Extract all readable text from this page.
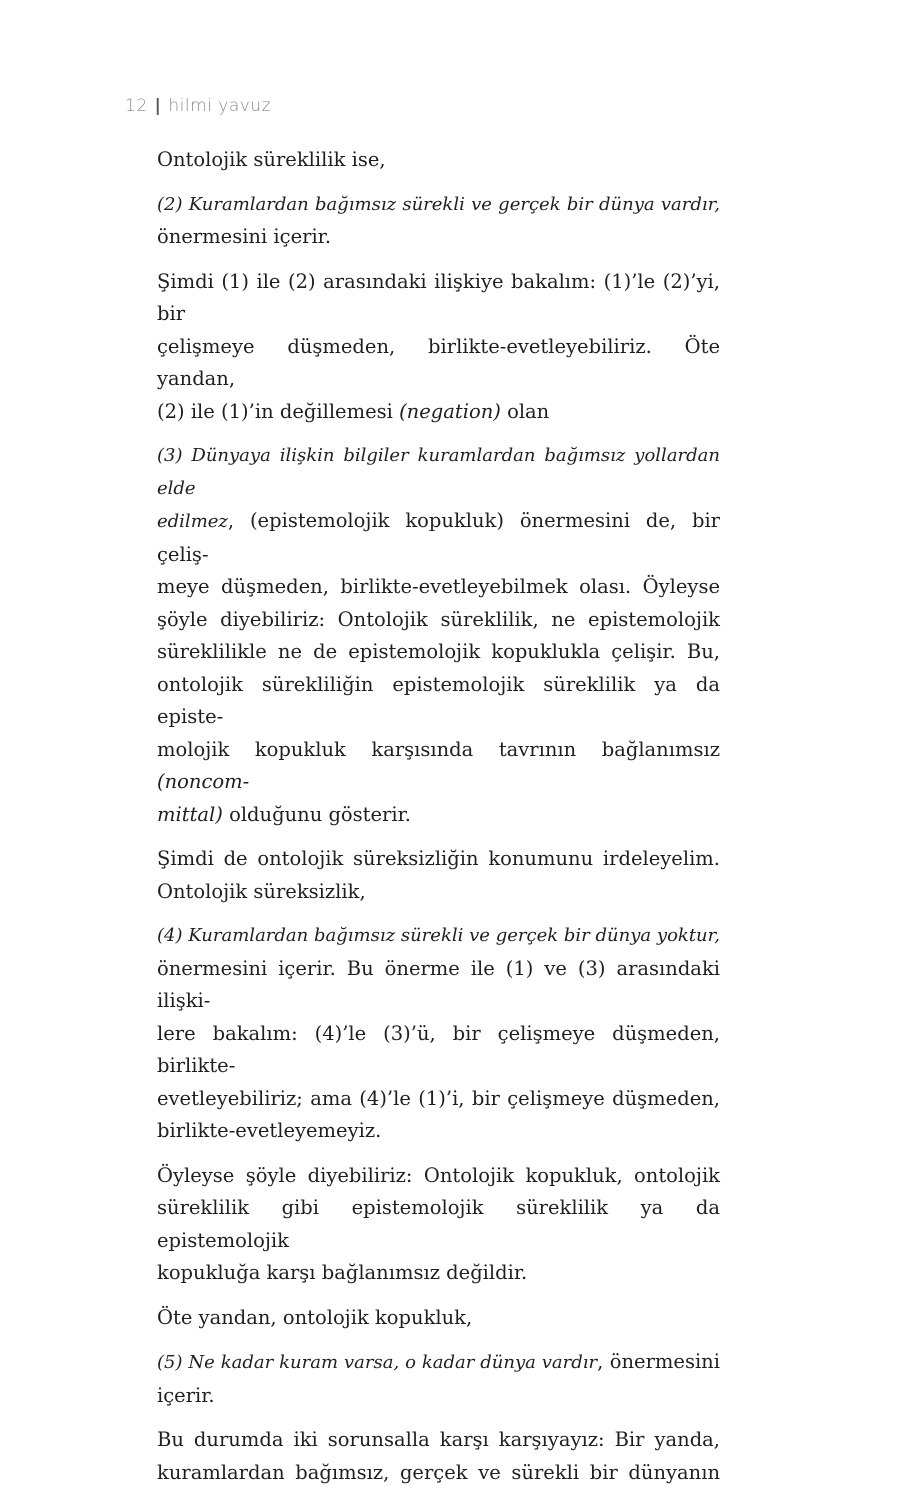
12 | hilmi yavuz

Ontolojik süreklilik ise,

(2) Kuramlardan bağımsız sürekli ve gerçek bir dünya vardır,
önermesini içerir.

Şimdi (1) ile (2) arasındaki ilişkiye bakalım: (1)’le (2)’yi, bir
çelişmeye düşmeden, birlikte-evetleyebiliriz. Öte yandan,
(2) ile (1)’in değillemesi (negation) olan

(3) Dünyaya ilişkin bilgiler kuramlardan bağımsız yollardan elde
edilmez, (epistemolojik kopukluk) önermesini de, bir çeliş-
meye düşmeden, birlikte-evetleyebilmek olası. Öyleyse
şöyle diyebiliriz: Ontolojik süreklilik, ne epistemolojik
süreklilikle ne de epistemolojik kopuklukla çelişir. Bu,
ontolojik sürekliliğin epistemolojik süreklilik ya da episte-
molojik kopukluk karşısında tavrının bağlanımsız (noncom-
mittal) olduğunu gösterir.

Şimdi de ontolojik süreksizliğin konumunu irdeleyelim.
Ontolojik süreksizlik,

(4) Kuramlardan bağımsız sürekli ve gerçek bir dünya yoktur,
önermesini içerir. Bu önerme ile (1) ve (3) arasındaki ilişki-
lere bakalım: (4)’le (3)’ü, bir çelişmeye düşmeden, birlikte-
evetleyebiliriz; ama (4)’le (1)’i, bir çelişmeye düşmeden,
birlikte-evetleyemeyiz.

Öyleyse şöyle diyebiliriz: Ontolojik kopukluk, ontolojik
süreklilik gibi epistemolojik süreklilik ya da epistemolojik
kopukluğa karşı bağlanımsız değildir.

Öte yandan, ontolojik kopukluk,

(5) Ne kadar kuram varsa, o kadar dünya vardır, önermesini
içerir.

Bu durumda iki sorunsalla karşı karşıyayız: Bir yanda,
kuramlardan bağımsız, gerçek ve sürekli bir dünyanın
